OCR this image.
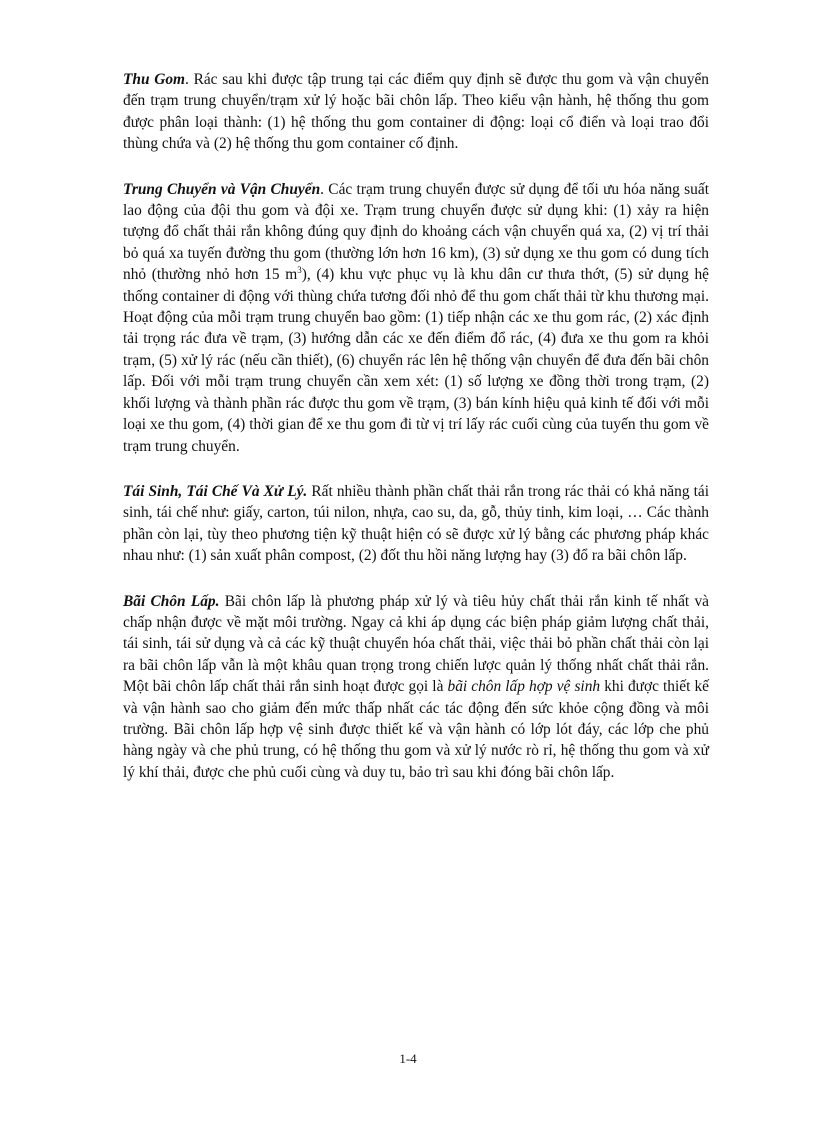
Thu Gom. Rác sau khi được tập trung tại các điểm quy định sẽ được thu gom và vận chuyển đến trạm trung chuyển/trạm xử lý hoặc bãi chôn lấp. Theo kiểu vận hành, hệ thống thu gom được phân loại thành: (1) hệ thống thu gom container di động: loại cổ điển và loại trao đổi thùng chứa và (2) hệ thống thu gom container cố định.

Trung Chuyển và Vận Chuyển. Các trạm trung chuyển được sử dụng để tối ưu hóa năng suất lao động của đội thu gom và đội xe. Trạm trung chuyển được sử dụng khi: (1) xảy ra hiện tượng đổ chất thải rắn không đúng quy định do khoảng cách vận chuyển quá xa, (2) vị trí thải bỏ quá xa tuyến đường thu gom (thường lớn hơn 16 km), (3) sử dụng xe thu gom có dung tích nhỏ (thường nhỏ hơn 15 $m^3$), (4) khu vực phục vụ là khu dân cư thưa thớt, (5) sử dụng hệ thống container di động với thùng chứa tương đối nhỏ để thu gom chất thải từ khu thương mại. Hoạt động của mỗi trạm trung chuyển bao gồm: (1) tiếp nhận các xe thu gom rác, (2) xác định tải trọng rác đưa về trạm, (3) hướng dẫn các xe đến điểm đổ rác, (4) đưa xe thu gom ra khỏi trạm, (5) xử lý rác (nếu cần thiết), (6) chuyển rác lên hệ thống vận chuyển để đưa đến bãi chôn lấp. Đối với mỗi trạm trung chuyển cần xem xét: (1) số lượng xe đồng thời trong trạm, (2) khối lượng và thành phần rác được thu gom về trạm, (3) bán kính hiệu quả kinh tế đối với mỗi loại xe thu gom, (4) thời gian để xe thu gom đi từ vị trí lấy rác cuối cùng của tuyến thu gom về trạm trung chuyển.

Tái Sinh, Tái Chế Và Xử Lý. Rất nhiều thành phần chất thải rắn trong rác thải có khả năng tái sinh, tái chế như: giấy, carton, túi nilon, nhựa, cao su, da, gỗ, thủy tinh, kim loại, … Các thành phần còn lại, tùy theo phương tiện kỹ thuật hiện có sẽ được xử lý bằng các phương pháp khác nhau như: (1) sản xuất phân compost, (2) đốt thu hồi năng lượng hay (3) đổ ra bãi chôn lấp.

Bãi Chôn Lấp. Bãi chôn lấp là phương pháp xử lý và tiêu hủy chất thải rắn kinh tế nhất và chấp nhận được về mặt môi trường. Ngay cả khi áp dụng các biện pháp giảm lượng chất thải, tái sinh, tái sử dụng và cả các kỹ thuật chuyển hóa chất thải, việc thải bỏ phần chất thải còn lại ra bãi chôn lấp vẫn là một khâu quan trọng trong chiến lược quản lý thống nhất chất thải rắn. Một bãi chôn lấp chất thải rắn sinh hoạt được gọi là bãi chôn lấp hợp vệ sinh khi được thiết kế và vận hành sao cho giảm đến mức thấp nhất các tác động đến sức khỏe cộng đồng và môi trường. Bãi chôn lấp hợp vệ sinh được thiết kế và vận hành có lớp lót đáy, các lớp che phủ hàng ngày và che phủ trung, có hệ thống thu gom và xử lý nước rò rỉ, hệ thống thu gom và xử lý khí thải, được che phủ cuối cùng và duy tu, bảo trì sau khi đóng bãi chôn lấp.

1-4
